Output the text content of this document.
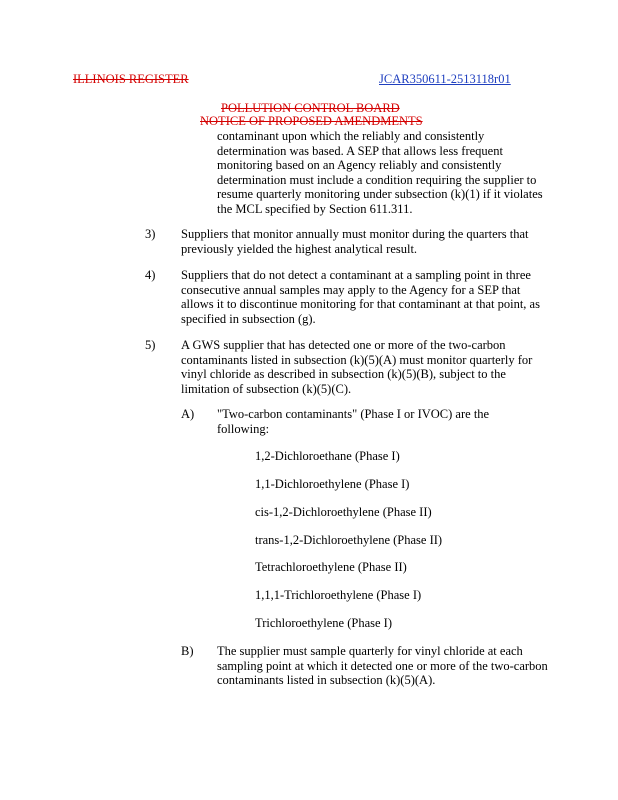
ILLINOIS REGISTER	JCAR350611-2513118r01
POLLUTION CONTROL BOARD
NOTICE OF PROPOSED AMENDMENTS
contaminant upon which the reliably and consistently
determination was based. A SEP that allows less frequent
monitoring based on an Agency reliably and consistently
determination must include a condition requiring the supplier to
resume quarterly monitoring under subsection (k)(1) if it violates
the MCL specified by Section 611.311.
3) Suppliers that monitor annually must monitor during the quarters that
previously yielded the highest analytical result.
4) Suppliers that do not detect a contaminant at a sampling point in three
consecutive annual samples may apply to the Agency for a SEP that
allows it to discontinue monitoring for that contaminant at that point, as
specified in subsection (g).
5) A GWS supplier that has detected one or more of the two-carbon
contaminants listed in subsection (k)(5)(A) must monitor quarterly for
vinyl chloride as described in subsection (k)(5)(B), subject to the
limitation of subsection (k)(5)(C).
A) "Two-carbon contaminants" (Phase I or IVOC) are the
following:
1,2-Dichloroethane (Phase I)
1,1-Dichloroethylene (Phase I)
cis-1,2-Dichloroethylene (Phase II)
trans-1,2-Dichloroethylene (Phase II)
Tetrachloroethylene (Phase II)
1,1,1-Trichloroethylene (Phase I)
Trichloroethylene (Phase I)
B) The supplier must sample quarterly for vinyl chloride at each
sampling point at which it detected one or more of the two-carbon
contaminants listed in subsection (k)(5)(A).
